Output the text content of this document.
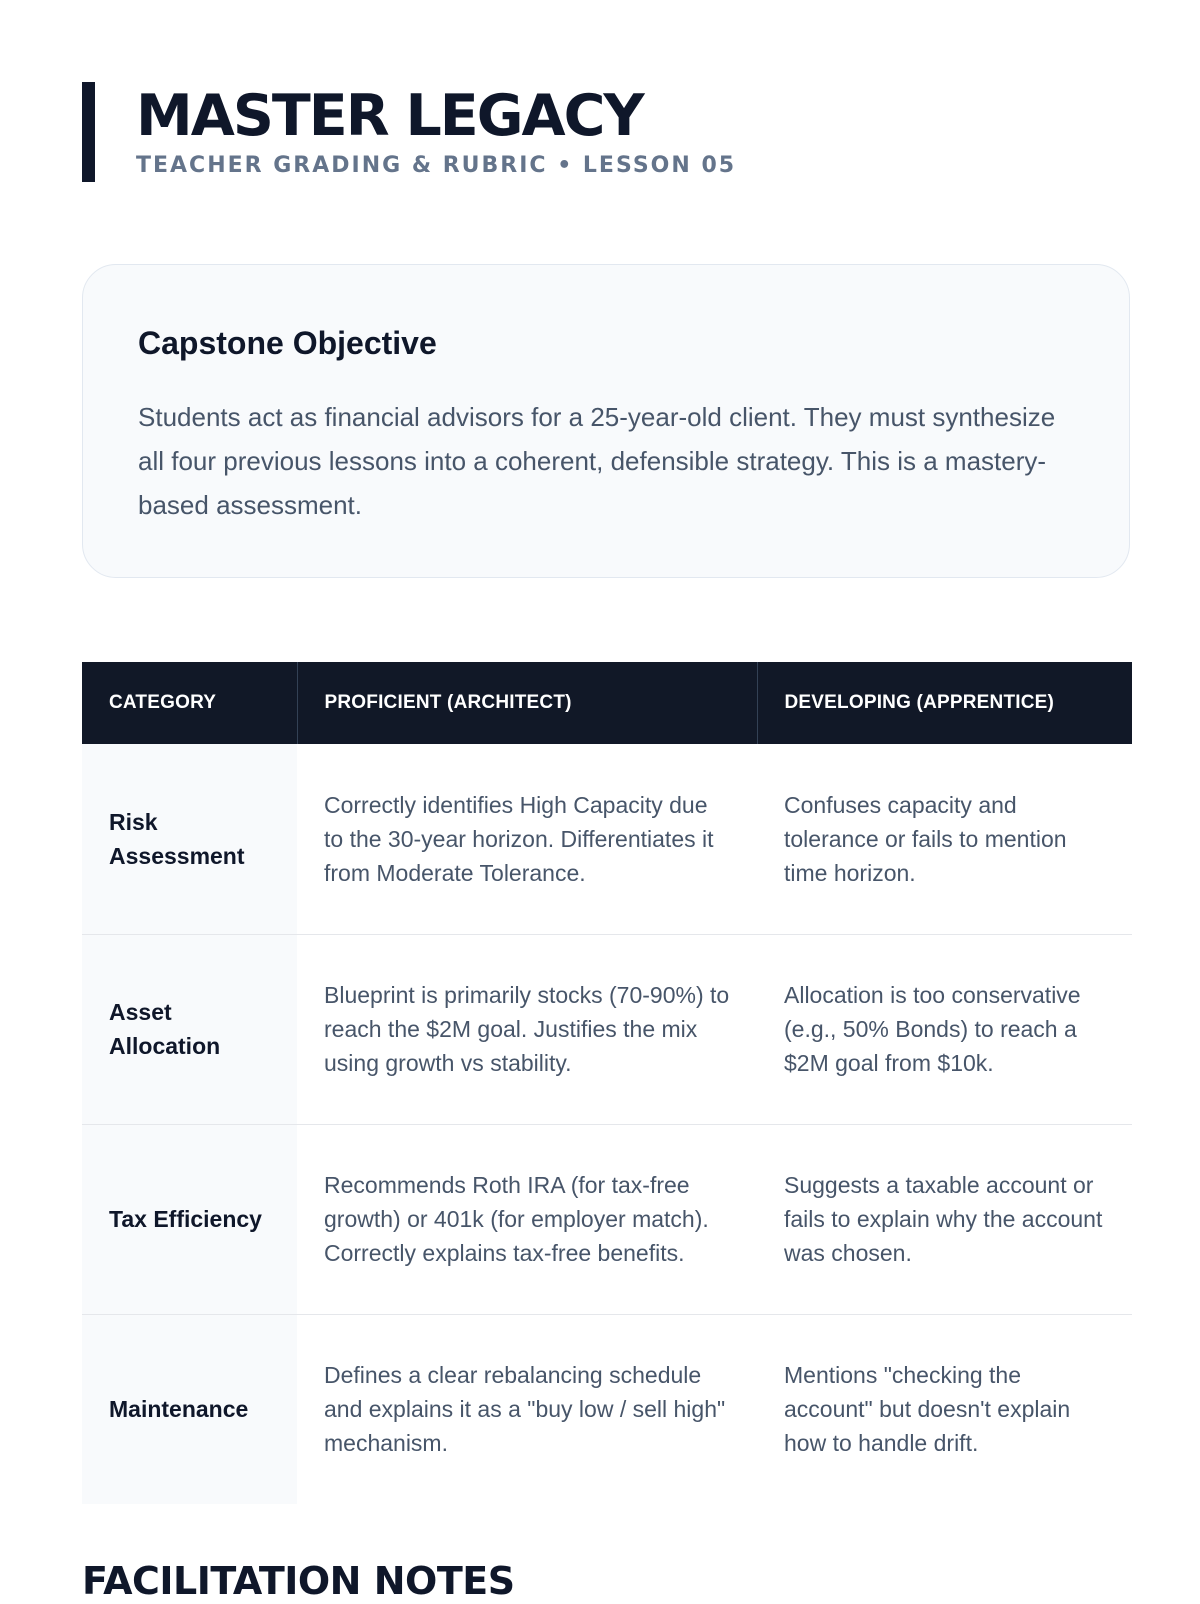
MASTER LEGACY
TEACHER GRADING & RUBRIC • LESSON 05
Capstone Objective
Students act as financial advisors for a 25-year-old client. They must synthesize all four previous lessons into a coherent, defensible strategy. This is a mastery-based assessment.
CATEGORY	PROFICIENT (ARCHITECT)	DEVELOPING (APPRENTICE)
Risk Assessment	Correctly identifies High Capacity due to the 30-year horizon. Differentiates it from Moderate Tolerance.	Confuses capacity and tolerance or fails to mention time horizon.
Asset Allocation	Blueprint is primarily stocks (70-90%) to reach the $2M goal. Justifies the mix using growth vs stability.	Allocation is too conservative (e.g., 50% Bonds) to reach a $2M goal from $10k.
Tax Efficiency	Recommends Roth IRA (for tax-free growth) or 401k (for employer match). Correctly explains tax-free benefits.	Suggests a taxable account or fails to explain why the account was chosen.
Maintenance	Defines a clear rebalancing schedule and explains it as a "buy low / sell high" mechanism.	Mentions "checking the account" but doesn't explain how to handle drift.
FACILITATION NOTES
